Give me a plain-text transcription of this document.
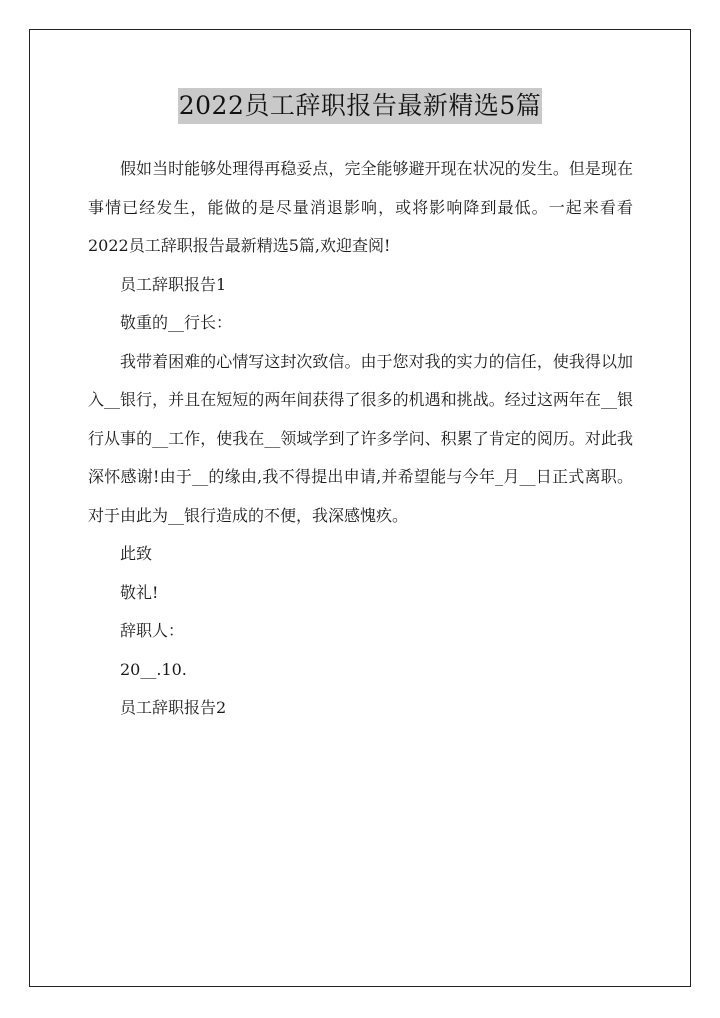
2022员工辞职报告最新精选5篇

假如当时能够处理得再稳妥点，完全能够避开现在状况的发生。但是现在事情已经发生，能做的是尽量消退影响，或将影响降到最低。一起来看看2022员工辞职报告最新精选5篇,欢迎查阅!

员工辞职报告1

敬重的__行长：

我带着困难的心情写这封次致信。由于您对我的实力的信任，使我得以加入__银行，并且在短短的两年间获得了很多的机遇和挑战。经过这两年在__银行从事的__工作，使我在__领域学到了许多学问、积累了肯定的阅历。对此我深怀感谢!由于__的缘由,我不得提出申请,并希望能与今年_月__日正式离职。对于由此为__银行造成的不便，我深感愧疚。

此致

敬礼!

辞职人：

20__.10.

员工辞职报告2
